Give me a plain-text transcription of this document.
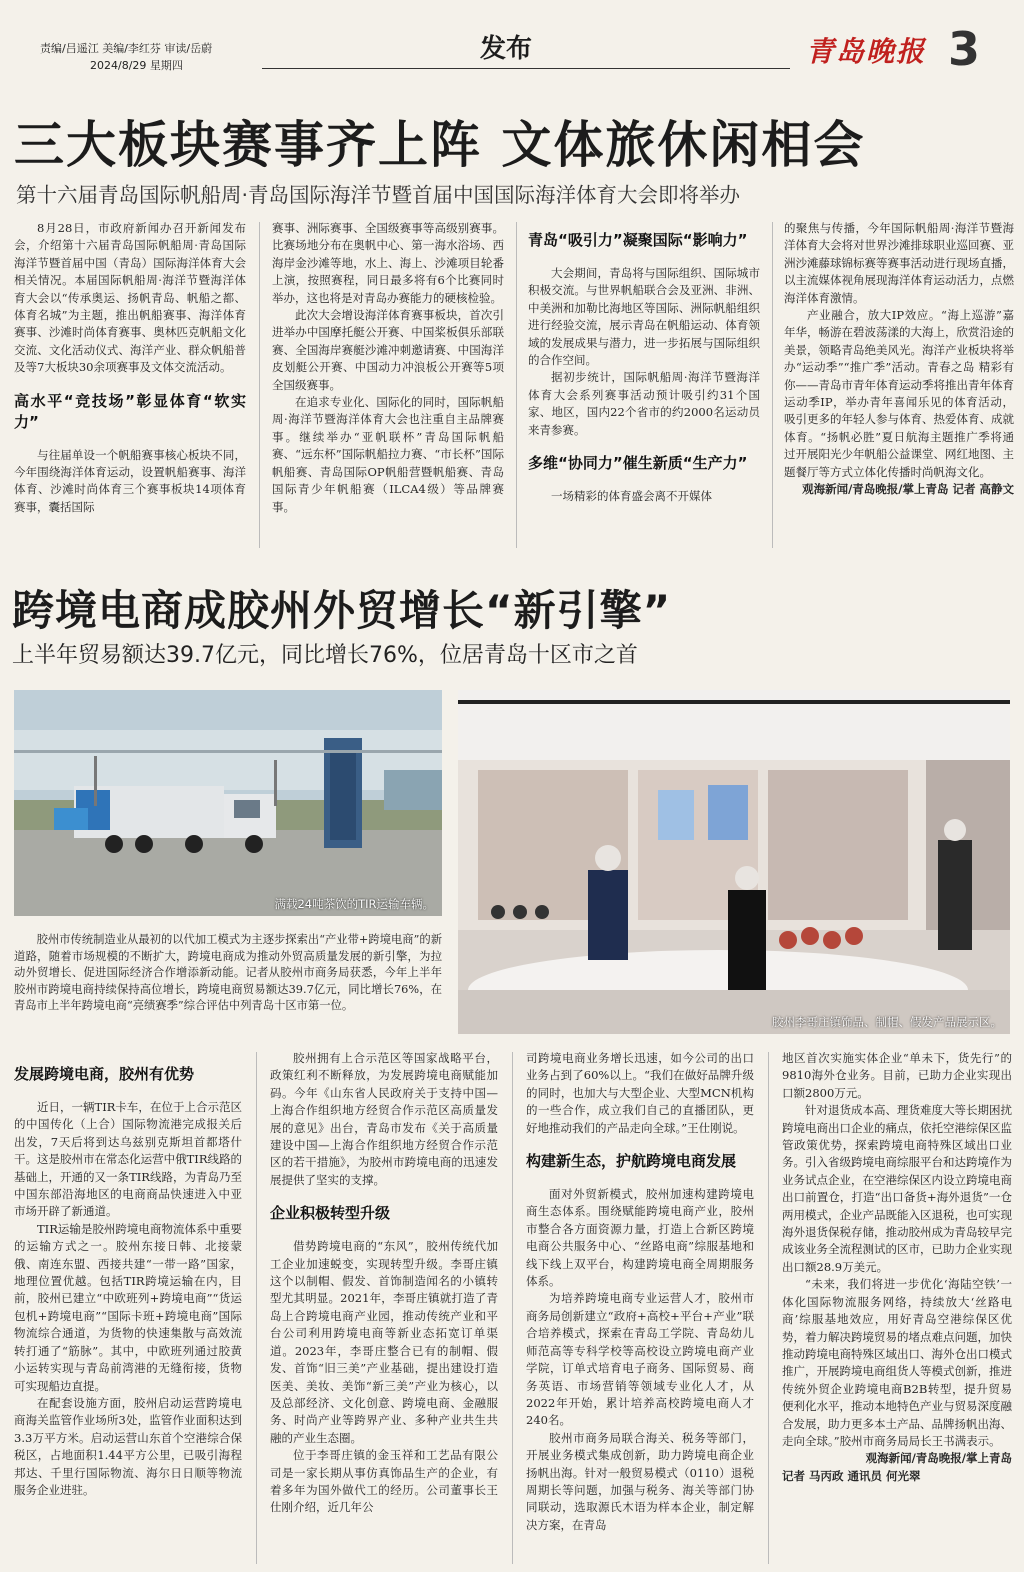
责编/吕遥江 美编/李红芬 审读/岳蔚
2024/8/29 星期四
发布	青岛晚报 3
三大板块赛事齐上阵 文体旅休闲相会
第十六届青岛国际帆船周·青岛国际海洋节暨首届中国国际海洋体育大会即将举办

8月28日，市政府新闻办召开新闻发布会，介绍第十六届青岛国际帆船周·青岛国际海洋节暨首届中国（青岛）国际海洋体育大会相关情况。本届国际帆船周·海洋节暨海洋体育大会以“传承奥运、扬帆青岛、帆船之都、体育名城”为主题，推出帆船赛事、海洋体育赛事、沙滩时尚体育赛事、奥林匹克帆船文化交流、文化活动仪式、海洋产业、群众帆船普及等7大板块30余项赛事及文体交流活动。

高水平“竞技场”彰显体育“软实力”

与往届单设一个帆船赛事核心板块不同，今年围绕海洋体育运动，设置帆船赛事、海洋体育、沙滩时尚体育三个赛事板块14项体育赛事，囊括国际

赛事、洲际赛事、全国级赛事等高级别赛事。比赛场地分布在奥帆中心、第一海水浴场、西海岸金沙滩等地，水上、海上、沙滩项目轮番上演，按照赛程，同日最多将有6个比赛同时举办，这也将是对青岛办赛能力的硬核检验。

此次大会增设海洋体育赛事板块，首次引进举办中国摩托艇公开赛、中国桨板俱乐部联赛、全国海岸赛艇沙滩冲刺邀请赛、中国海洋皮划艇公开赛、中国动力冲浪板公开赛等5项全国级赛事。

在追求专业化、国际化的同时，国际帆船周·海洋节暨海洋体育大会也注重自主品牌赛事。继续举办“亚帆联杯”青岛国际帆船赛、“远东杯”国际帆船拉力赛、“市长杯”国际帆船赛、青岛国际OP帆船营暨帆船赛、青岛国际青少年帆船赛（ILCA4级）等品牌赛事。

青岛“吸引力”凝聚国际“影响力”

大会期间，青岛将与国际组织、国际城市积极交流。与世界帆船联合会及亚洲、非洲、中美洲和加勒比海地区等国际、洲际帆船组织进行经验交流，展示青岛在帆船运动、体育领域的发展成果与潜力，进一步拓展与国际组织的合作空间。

据初步统计，国际帆船周·海洋节暨海洋体育大会系列赛事活动预计吸引约31个国家、地区，国内22个省市的约2000名运动员来青参赛。

多维“协同力”催生新质“生产力”

一场精彩的体育盛会离不开媒体

的聚焦与传播，今年国际帆船周·海洋节暨海洋体育大会将对世界沙滩排球职业巡回赛、亚洲沙滩藤球锦标赛等赛事活动进行现场直播，以主流媒体视角展现海洋体育运动活力，点燃海洋体育激情。

产业融合，放大IP效应。“海上巡游”嘉年华，畅游在碧波荡漾的大海上，欣赏沿途的美景，领略青岛绝美风光。海洋产业板块将举办“运动季”“推广季”活动。青春之岛 精彩有你——青岛市青年体育运动季将推出青年体育运动季IP，举办青年喜闻乐见的体育活动，吸引更多的年轻人参与体育、热爱体育、成就体育。“扬帆必胜”夏日航海主题推广季将通过开展阳光少年帆船公益课堂、网红地图、主题餐厅等方式立体化传播时尚帆海文化。

观海新闻/青岛晚报/掌上青岛 记者 高静文

跨境电商成胶州外贸增长“新引擎”
上半年贸易额达39.7亿元，同比增长76%，位居青岛十区市之首
满载24吨茶饮的TIR运输车辆。
胶州李哥庄镇饰品、制帽、假发产品展示区。

胶州市传统制造业从最初的以代加工模式为主逐步探索出“产业带+跨境电商”的新道路，随着市场规模的不断扩大，跨境电商成为推动外贸高质量发展的新引擎，为拉动外贸增长、促进国际经济合作增添新动能。记者从胶州市商务局获悉，今年上半年胶州市跨境电商持续保持高位增长，跨境电商贸易额达39.7亿元，同比增长76%，在青岛市上半年跨境电商“亮绩赛季”综合评估中列青岛十区市第一位。

发展跨境电商，胶州有优势

近日，一辆TIR卡车，在位于上合示范区的中国传化（上合）国际物流港完成报关后出发，7天后将到达乌兹别克斯坦首都塔什干。这是胶州市在常态化运营中俄TIR线路的基础上，开通的又一条TIR线路，为青岛乃至中国东部沿海地区的电商商品快速进入中亚市场开辟了新通道。

TIR运输是胶州跨境电商物流体系中重要的运输方式之一。胶州东接日韩、北接蒙俄、南连东盟、西接共建“一带一路”国家，地理位置优越。包括TIR跨境运输在内，目前，胶州已建立“中欧班列+跨境电商”“货运包机+跨境电商”“国际卡班+跨境电商”国际物流综合通道，为货物的快速集散与高效流转打通了“筋脉”。其中，中欧班列通过胶黄小运转实现与青岛前湾港的无缝衔接，货物可实现船边直提。

在配套设施方面，胶州启动运营跨境电商海关监管作业场所3处，监管作业面积达到3.3万平方米。启动运营山东首个空港综合保税区，占地面积1.44平方公里，已吸引海程邦达、千里行国际物流、海尔日日顺等物流服务企业进驻。

胶州拥有上合示范区等国家战略平台，政策红利不断释放，为发展跨境电商赋能加码。今年《山东省人民政府关于支持中国—上海合作组织地方经贸合作示范区高质量发展的意见》出台，青岛市发布《关于高质量建设中国—上海合作组织地方经贸合作示范区的若干措施》，为胶州市跨境电商的迅速发展提供了坚实的支撑。

企业积极转型升级

借势跨境电商的“东风”，胶州传统代加工企业加速蜕变，实现转型升级。李哥庄镇这个以制帽、假发、首饰制造闻名的小镇转型尤其明显。2021年，李哥庄镇就打造了青岛上合跨境电商产业园，推动传统产业和平台公司利用跨境电商等新业态拓宽订单渠道。2023年，李哥庄整合已有的制帽、假发、首饰“旧三美”产业基础，提出建设打造医美、美妆、美饰“新三美”产业为核心，以及总部经济、文化创意、跨境电商、金融服务、时尚产业等跨界产业、多种产业共生共融的产业生态圈。

位于李哥庄镇的金玉祥和工艺品有限公司是一家长期从事仿真饰品生产的企业，有着多年为国外做代工的经历。公司董事长王仕刚介绍，近几年公

司跨境电商业务增长迅速，如今公司的出口业务占到了60%以上。“我们在做好品牌升级的同时，也加大与大型企业、大型MCN机构的一些合作，成立我们自己的直播团队，更好地推动我们的产品走向全球。”王仕刚说。

构建新生态，护航跨境电商发展

面对外贸新模式，胶州加速构建跨境电商生态体系。围绕赋能跨境电商产业，胶州市整合各方面资源力量，打造上合新区跨境电商公共服务中心、“丝路电商”综服基地和线下线上双平台，构建跨境电商全周期服务体系。

为培养跨境电商专业运营人才，胶州市商务局创新建立“政府+高校+平台+产业”联合培养模式，探索在青岛工学院、青岛幼儿师范高等专科学校等高校设立跨境电商产业学院，订单式培育电子商务、国际贸易、商务英语、市场营销等领域专业化人才，从2022年开始，累计培养高校跨境电商人才240名。

胶州市商务局联合海关、税务等部门，开展业务模式集成创新，助力跨境电商企业扬帆出海。针对一般贸易模式（0110）退税周期长等问题，加强与税务、海关等部门协同联动，选取源氏木语为样本企业，制定解决方案，在青岛

地区首次实施实体企业“单未下，货先行”的9810海外仓业务。目前，已助力企业实现出口额2800万元。

针对退货成本高、理货难度大等长期困扰跨境电商出口企业的痛点，依托空港综保区监管政策优势，探索跨境电商特殊区域出口业务。引入省级跨境电商综服平台和达跨境作为业务试点企业，在空港综保区内设立跨境电商出口前置仓，打造“出口备货+海外退货”一仓两用模式，企业产品既能入区退税，也可实现海外退货保税存储，推动胶州成为青岛较早完成该业务全流程测试的区市，已助力企业实现出口额28.9万美元。

“未来，我们将进一步优化‘海陆空铁’一体化国际物流服务网络，持续放大‘丝路电商’综服基地效应，用好青岛空港综保区优势，着力解决跨境贸易的堵点难点问题，加快推动跨境电商特殊区域出口、海外仓出口模式推广，开展跨境电商组货人等模式创新，推进传统外贸企业跨境电商B2B转型，提升贸易便利化水平，推动本地特色产业与贸易深度融合发展，助力更多本土产品、品牌扬帆出海、走向全球。”胶州市商务局局长王书满表示。

观海新闻/青岛晚报/掌上青岛

记者 马丙政 通讯员 何光翠
